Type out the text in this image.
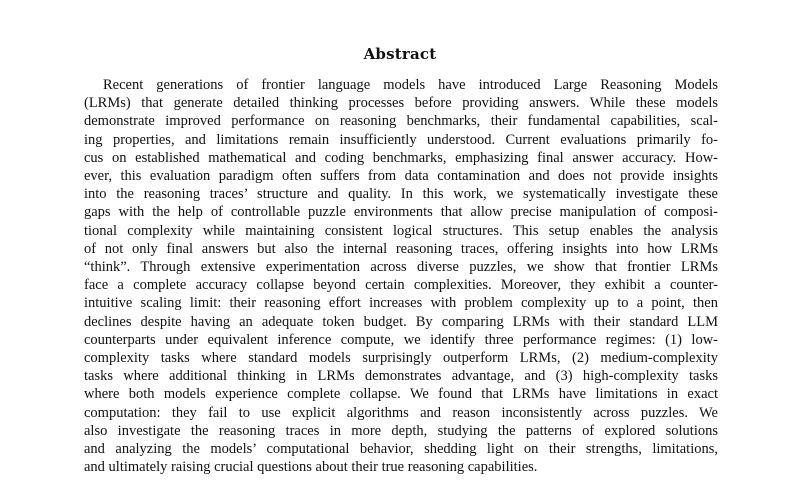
Abstract
Recent generations of frontier language models have introduced Large Reasoning Models
(LRMs) that generate detailed thinking processes before providing answers. While these models
demonstrate improved performance on reasoning benchmarks, their fundamental capabilities, scal-
ing properties, and limitations remain insufficiently understood. Current evaluations primarily fo-
cus on established mathematical and coding benchmarks, emphasizing final answer accuracy. How-
ever, this evaluation paradigm often suffers from data contamination and does not provide insights
into the reasoning traces’ structure and quality. In this work, we systematically investigate these
gaps with the help of controllable puzzle environments that allow precise manipulation of composi-
tional complexity while maintaining consistent logical structures. This setup enables the analysis
of not only final answers but also the internal reasoning traces, offering insights into how LRMs
“think”. Through extensive experimentation across diverse puzzles, we show that frontier LRMs
face a complete accuracy collapse beyond certain complexities. Moreover, they exhibit a counter-
intuitive scaling limit: their reasoning effort increases with problem complexity up to a point, then
declines despite having an adequate token budget. By comparing LRMs with their standard LLM
counterparts under equivalent inference compute, we identify three performance regimes: (1) low-
complexity tasks where standard models surprisingly outperform LRMs, (2) medium-complexity
tasks where additional thinking in LRMs demonstrates advantage, and (3) high-complexity tasks
where both models experience complete collapse. We found that LRMs have limitations in exact
computation: they fail to use explicit algorithms and reason inconsistently across puzzles. We
also investigate the reasoning traces in more depth, studying the patterns of explored solutions
and analyzing the models’ computational behavior, shedding light on their strengths, limitations,
and ultimately raising crucial questions about their true reasoning capabilities.
